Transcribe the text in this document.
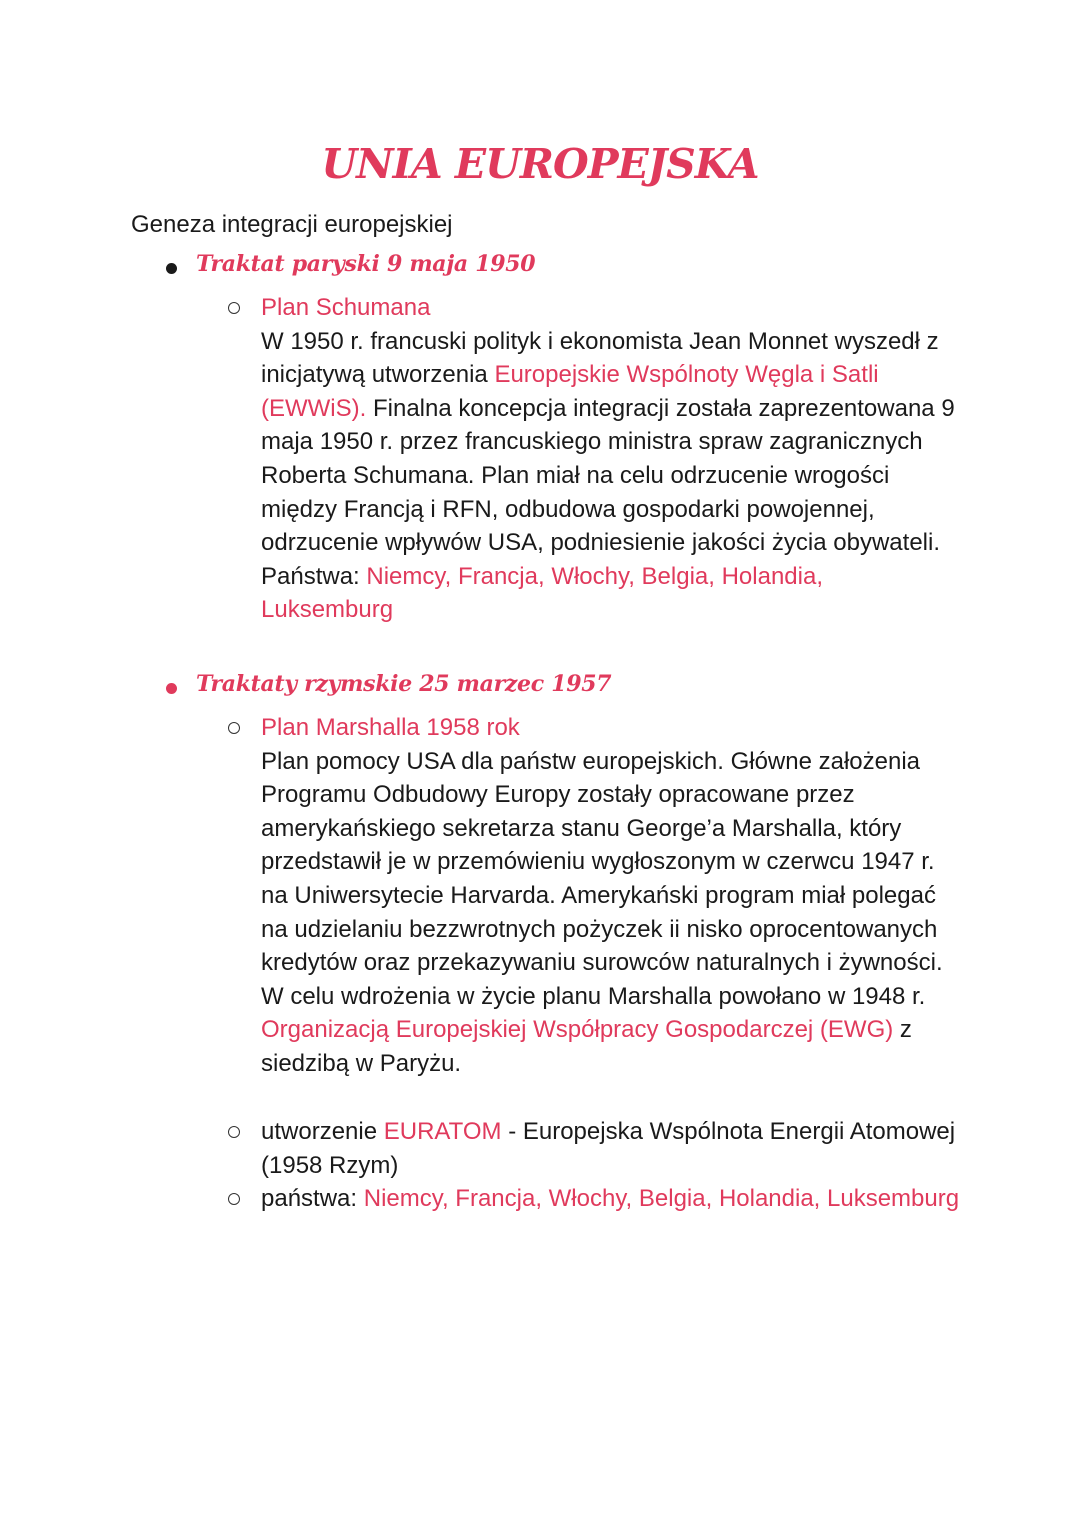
UNIA EUROPEJSKA
Geneza integracji europejskiej
Traktat paryski 9 maja 1950
Plan Schumana
W 1950 r. francuski polityk i ekonomista Jean Monnet wyszedł z inicjatywą utworzenia Europejskie Wspólnoty Węgla i Satli (EWWiS). Finalna koncepcja integracji została zaprezentowana 9 maja 1950 r. przez francuskiego ministra spraw zagranicznych Roberta Schumana. Plan miał na celu odrzucenie wrogości między Francją i RFN, odbudowa gospodarki powojennej, odrzucenie wpływów USA, podniesienie jakości życia obywateli.
Państwa: Niemcy, Francja, Włochy, Belgia, Holandia, Luksemburg
Traktaty rzymskie 25 marzec 1957
Plan Marshalla 1958 rok
Plan pomocy USA dla państw europejskich. Główne założenia Programu Odbudowy Europy zostały opracowane przez amerykańskiego sekretarza stanu George’a Marshalla, który przedstawił je w przemówieniu wygłoszonym w czerwcu 1947 r. na Uniwersytecie Harvarda. Amerykański program miał polegać na udzielaniu bezzwrotnych pożyczek ii nisko oprocentowanych kredytów oraz przekazywaniu surowców naturalnych i żywności. W celu wdrożenia w życie planu Marshalla powołano w 1948 r. Organizacją Europejskiej Współpracy Gospodarczej (EWG) z siedzibą w Paryżu.
utworzenie EURATOM - Europejska Wspólnota Energii Atomowej (1958 Rzym)
państwa: Niemcy, Francja, Włochy, Belgia, Holandia, Luksemburg
